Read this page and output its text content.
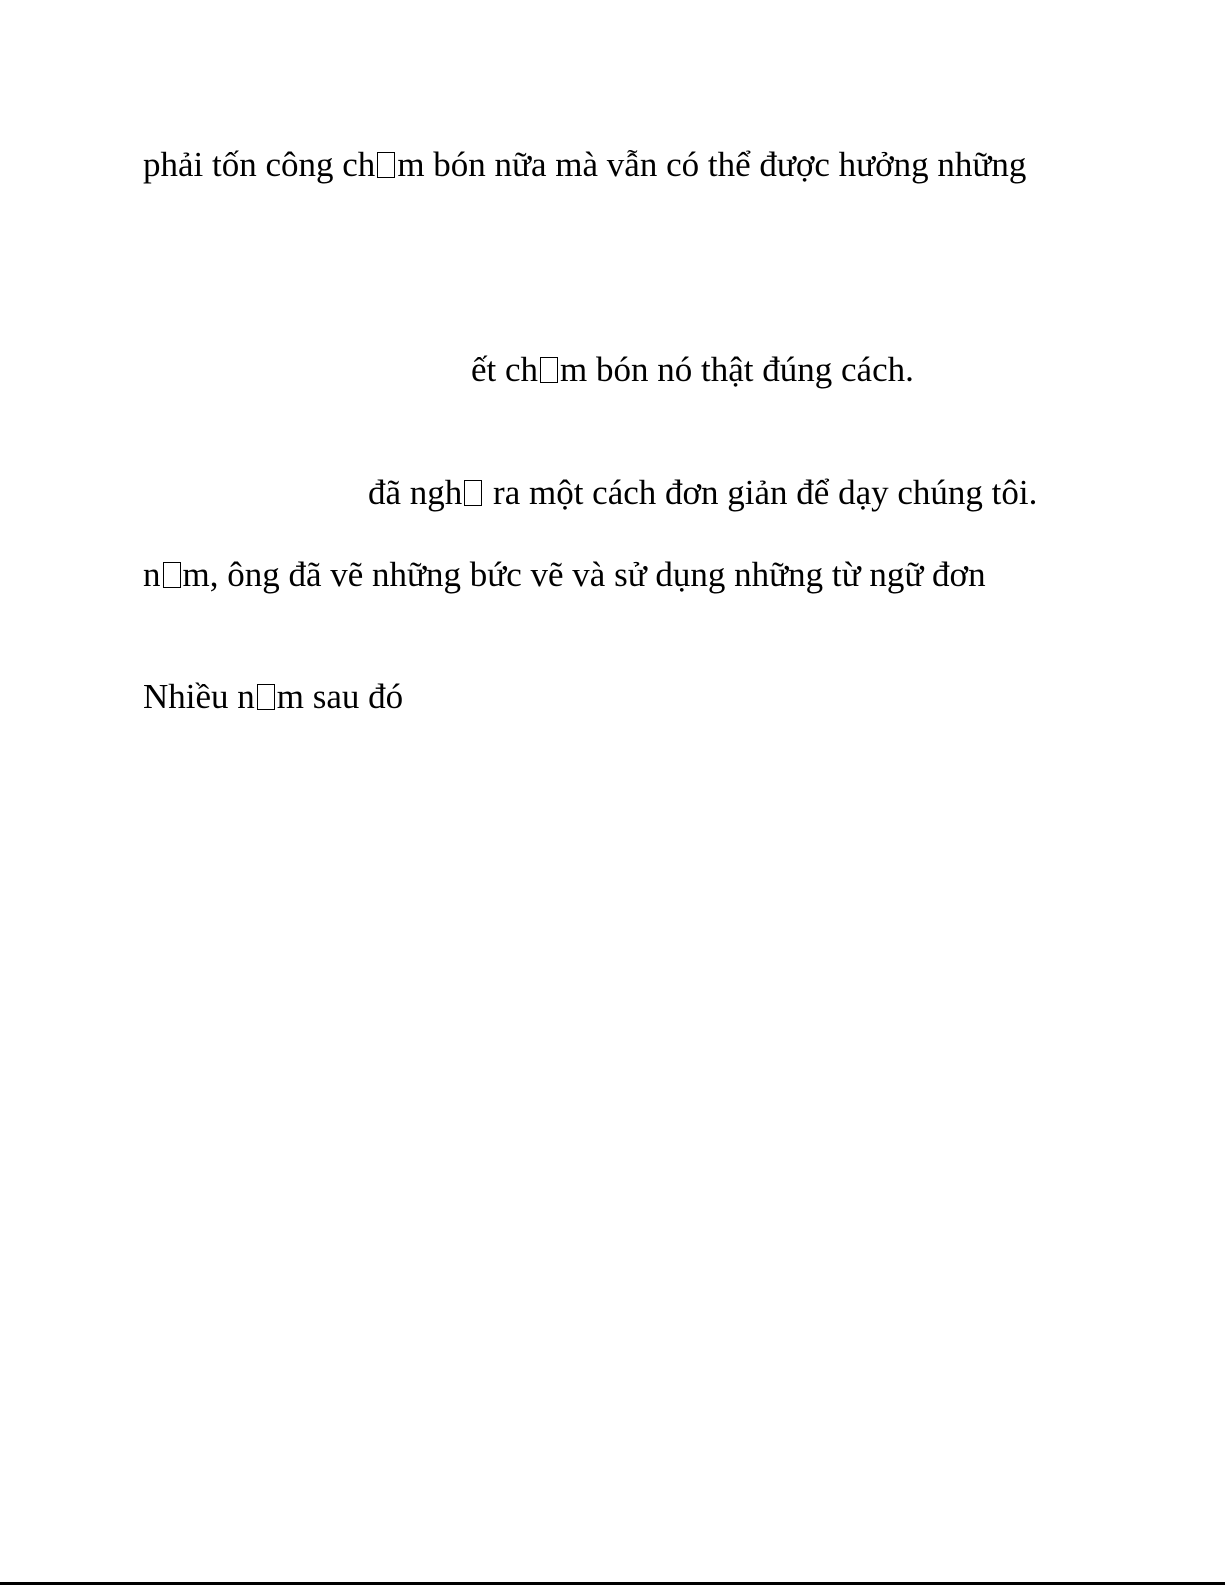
phải tốn công ch m bón nữa mà vẫn có thể được hưởng những

ết ch m bón nó thật đúng cách.

đã ngh ra một cách đơn giản để dạy chúng tôi.

n m, ông đã vẽ những bức vẽ và sử dụng những từ ngữ đơn

Nhiều n m sau đó
